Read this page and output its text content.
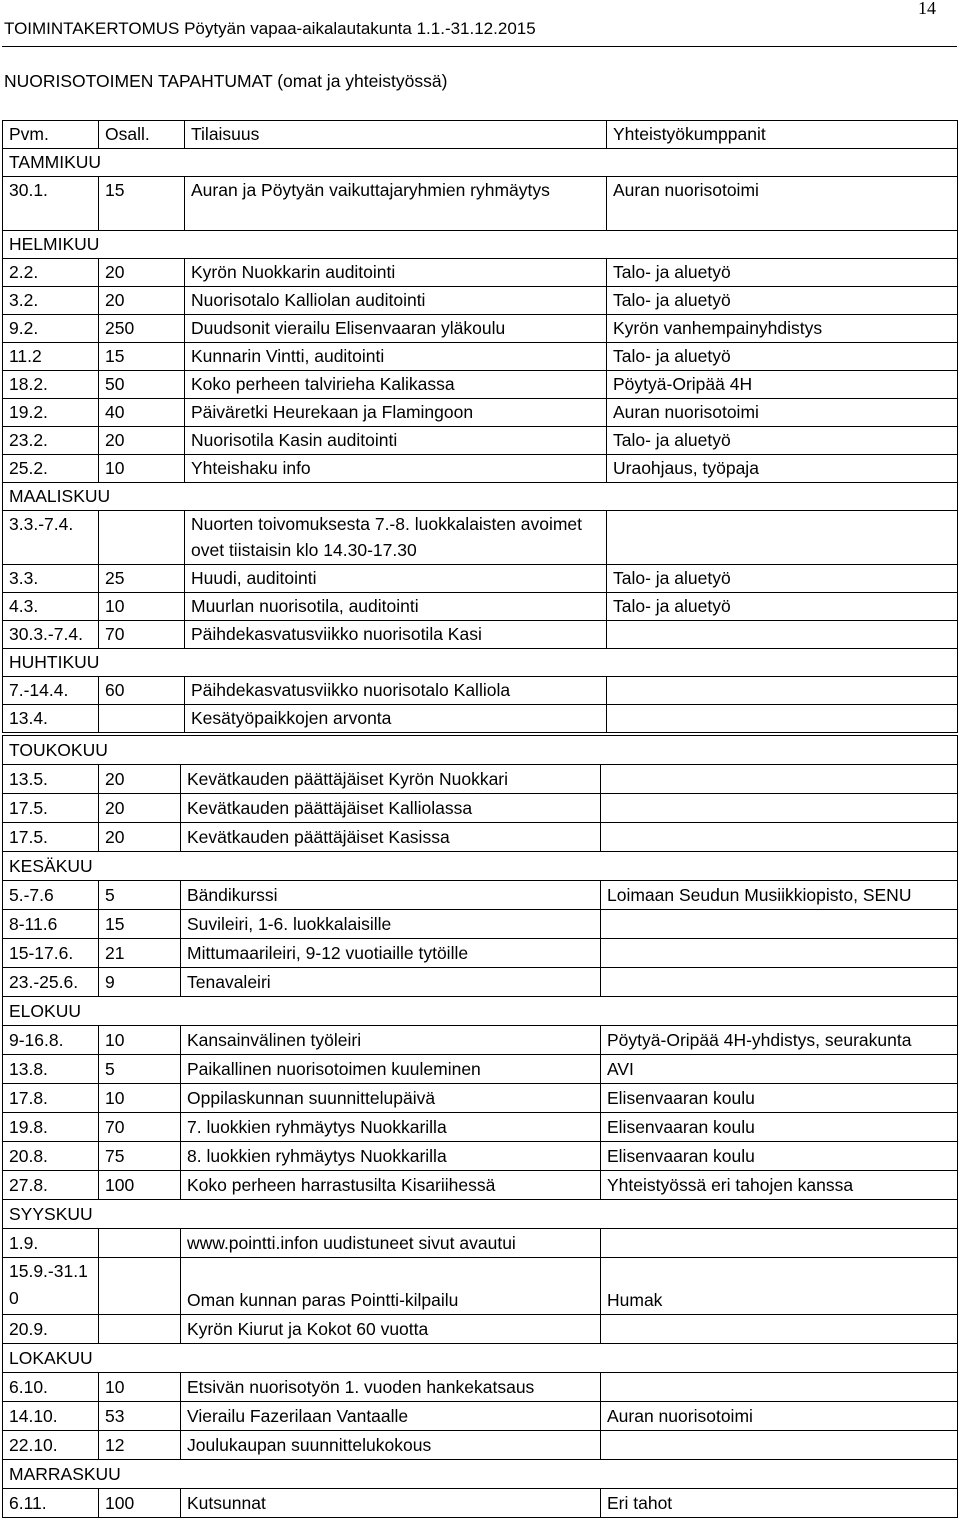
14
TOIMINTAKERTOMUS Pöytyän vapaa-aikalautakunta 1.1.-31.12.2015
NUORISOTOIMEN TAPAHTUMAT (omat ja yhteistyössä)
Pvm.	Osall.	Tilaisuus	Yhteistyökumppanit
TAMMIKUU			
30.1.	15	Auran ja Pöytyän vaikuttajaryhmien ryhmäytys	Auran nuorisotoimi
HELMIKUU			
2.2.	20	Kyrön Nuokkarin auditointi	Talo- ja aluetyö
3.2.	20	Nuorisotalo Kalliolan auditointi	Talo- ja aluetyö
9.2.	250	Duudsonit vierailu Elisenvaaran yläkoulu	Kyrön vanhempainyhdistys
11.2	15	Kunnarin Vintti, auditointi	Talo- ja aluetyö
18.2.	50	Koko perheen talvirieha Kalikassa	Pöytyä-Oripää 4H
19.2.	40	Päiväretki Heurekaan ja Flamingoon	Auran nuorisotoimi
23.2.	20	Nuorisotila Kasin auditointi	Talo- ja aluetyö
25.2.	10	Yhteishaku info	Uraohjaus, työpaja
MAALISKUU			
3.3.-7.4.		Nuorten toivomuksesta 7.-8. luokkalaisten avoimet ovet tiistaisin klo 14.30-17.30	
3.3.	25	Huudi, auditointi	Talo- ja aluetyö
4.3.	10	Muurlan nuorisotila, auditointi	Talo- ja aluetyö
30.3.-7.4.	70	Päihdekasvatusviikko nuorisotila Kasi	
HUHTIKUU			
7.-14.4.	60	Päihdekasvatusviikko nuorisotalo Kalliola	
13.4.		Kesätyöpaikkojen arvonta	
TOUKOKUU			
13.5.	20	Kevätkauden päättäjäiset Kyrön Nuokkari	
17.5.	20	Kevätkauden päättäjäiset Kalliolassa	
17.5.	20	Kevätkauden päättäjäiset Kasissa	
KESÄKUU			
5.-7.6	5	Bändikurssi	Loimaan Seudun Musiikkiopisto, SENU
8-11.6	15	Suvileiri, 1-6. luokkalaisille	
15-17.6.	21	Mittumaarileiri, 9-12 vuotiaille tytöille	
23.-25.6.	9	Tenavaleiri	
ELOKUU			
9-16.8.	10	Kansainvälinen työleiri	Pöytyä-Oripää 4H-yhdistys, seurakunta
13.8.	5	Paikallinen nuorisotoimen kuuleminen	AVI
17.8.	10	Oppilaskunnan suunnittelupäivä	Elisenvaaran koulu
19.8.	70	7. luokkien ryhmäytys Nuokkarilla	Elisenvaaran koulu
20.8.	75	8. luokkien ryhmäytys Nuokkarilla	Elisenvaaran koulu
27.8.	100	Koko perheen harrastusilta Kisariihessä	Yhteistyössä eri tahojen kanssa
SYYSKUU			
1.9.		www.pointti.infon uudistuneet sivut avautui	
15.9.-31.1 0		Oman kunnan paras Pointti-kilpailu	Humak
20.9.		Kyrön Kiurut ja Kokot 60 vuotta	
LOKAKUU			
6.10.	10	Etsivän nuorisotyön 1. vuoden hankekatsaus	
14.10.	53	Vierailu Fazerilaan Vantaalle	Auran nuorisotoimi
22.10.	12	Joulukaupan suunnittelukokous	
MARRASKUU			
6.11.	100	Kutsunnat	Eri tahot
